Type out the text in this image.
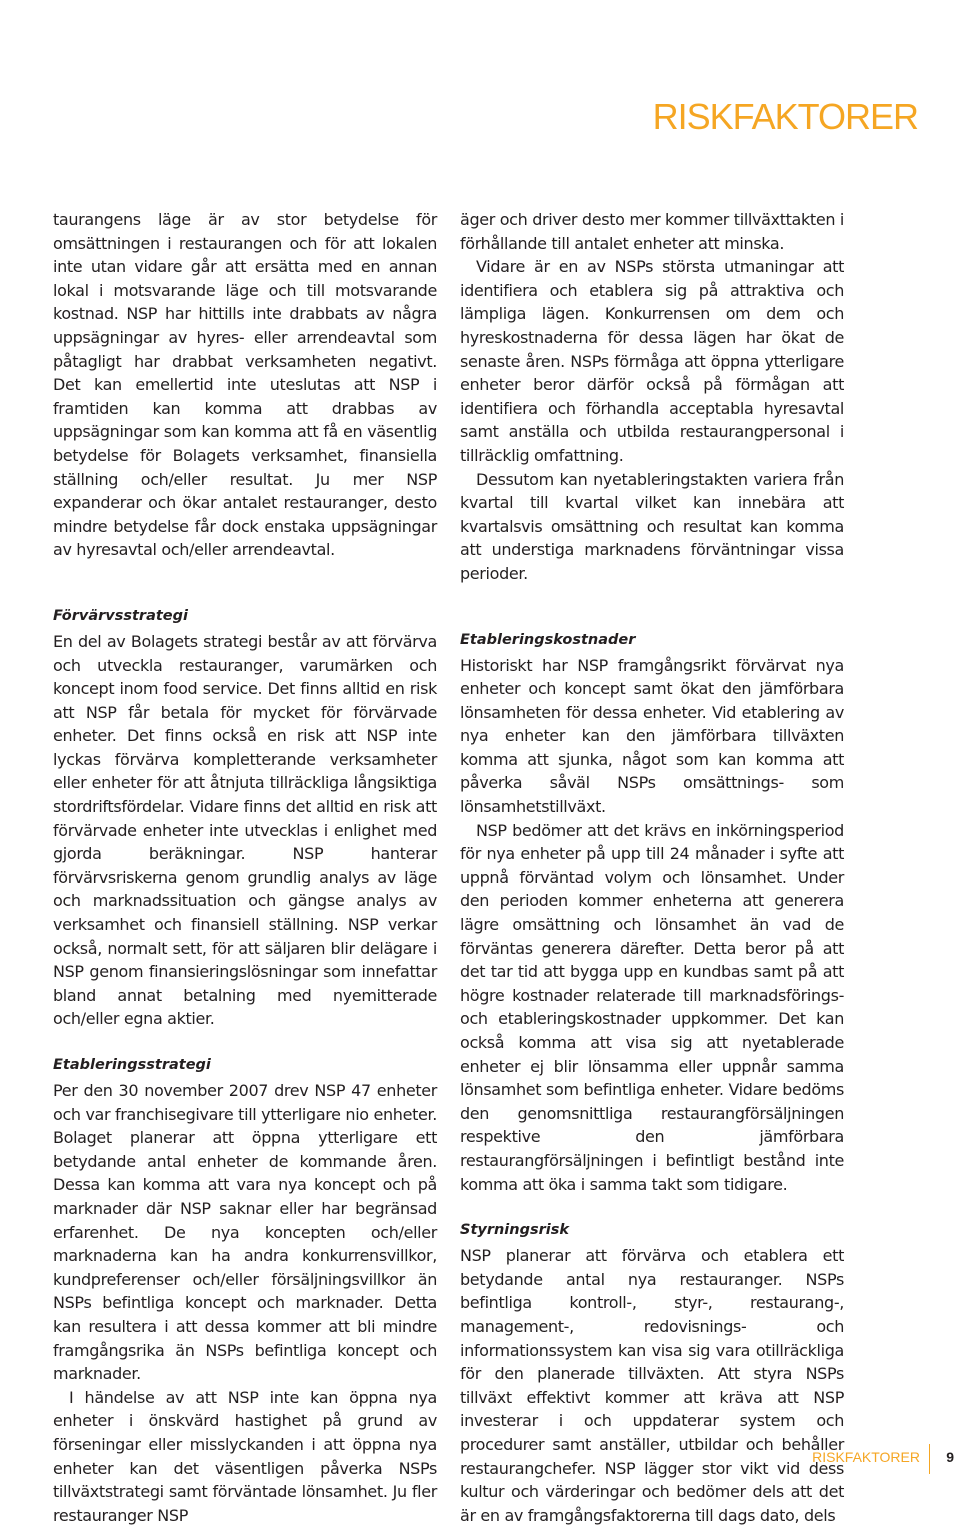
RISKFAKTORER

taurangens läge är av stor betydelse för omsättningen i restaurangen och för att lokalen inte utan vidare går att ersätta med en annan lokal i motsvarande läge och till motsvarande kostnad. NSP har hittills inte drabbats av några uppsägningar av hyres- eller arrendeavtal som påtagligt har drabbat verksamheten negativt. Det kan emellertid inte uteslutas att NSP i framtiden kan komma att drabbas av uppsägningar som kan komma att få en väsentlig betydelse för Bolagets verksamhet, finansiella ställning och/eller resultat. Ju mer NSP expanderar och ökar antalet restauranger, desto mindre betydelse får dock enstaka uppsägningar av hyresavtal och/eller arrendeavtal.

Förvärvsstrategi

En del av Bolagets strategi består av att förvärva och utveckla restauranger, varumärken och koncept inom food service. Det finns alltid en risk att NSP får betala för mycket för förvärvade enheter. Det finns också en risk att NSP inte lyckas förvärva kompletterande verksamheter eller enheter för att åtnjuta tillräckliga långsiktiga stordriftsfördelar. Vidare finns det alltid en risk att förvärvade enheter inte utvecklas i enlighet med gjorda beräkningar. NSP hanterar förvärvsriskerna genom grundlig analys av läge och marknadssituation och gängse analys av verksamhet och finansiell ställning. NSP verkar också, normalt sett, för att säljaren blir delägare i NSP genom finansieringslösningar som innefattar bland annat betalning med nyemitterade och/eller egna aktier.

Etableringsstrategi

Per den 30 november 2007 drev NSP 47 enheter och var franchisegivare till ytterligare nio enheter. Bolaget planerar att öppna ytterligare ett betydande antal enheter de kommande åren. Dessa kan komma att vara nya koncept och på marknader där NSP saknar eller har begränsad erfarenhet. De nya koncepten och/eller marknaderna kan ha andra konkurrensvillkor, kundpreferenser och/eller försäljningsvillkor än NSPs befintliga koncept och marknader. Detta kan resultera i att dessa kommer att bli mindre framgångsrika än NSPs befintliga koncept och marknader.

I händelse av att NSP inte kan öppna nya enheter i önskvärd hastighet på grund av förseningar eller misslyckanden i att öppna nya enheter kan det väsentligen påverka NSPs tillväxtstrategi samt förväntade lönsamhet. Ju fler restauranger NSP

äger och driver desto mer kommer tillväxttakten i förhållande till antalet enheter att minska.

Vidare är en av NSPs största utmaningar att identifiera och etablera sig på attraktiva och lämpliga lägen. Konkurrensen om dem och hyreskostnaderna för dessa lägen har ökat de senaste åren. NSPs förmåga att öppna ytterligare enheter beror därför också på förmågan att identifiera och förhandla acceptabla hyresavtal samt anställa och utbilda restaurangpersonal i tillräcklig omfattning.

Dessutom kan nyetableringstakten variera från kvartal till kvartal vilket kan innebära att kvartalsvis omsättning och resultat kan komma att understiga marknadens förväntningar vissa perioder.

Etableringskostnader

Historiskt har NSP framgångsrikt förvärvat nya enheter och koncept samt ökat den jämförbara lönsamheten för dessa enheter. Vid etablering av nya enheter kan den jämförbara tillväxten komma att sjunka, något som kan komma att påverka såväl NSPs omsättnings- som lönsamhetstillväxt.

NSP bedömer att det krävs en inkörningsperiod för nya enheter på upp till 24 månader i syfte att uppnå förväntad volym och lönsamhet. Under den perioden kommer enheterna att generera lägre omsättning och lönsamhet än vad de förväntas generera därefter. Detta beror på att det tar tid att bygga upp en kundbas samt på att högre kostnader relaterade till marknadsförings- och etableringskostnader uppkommer. Det kan också komma att visa sig att nyetablerade enheter ej blir lönsamma eller uppnår samma lönsamhet som befintliga enheter. Vidare bedöms den genomsnittliga restaurangförsäljningen respektive den jämförbara restaurangförsäljningen i befintligt bestånd inte komma att öka i samma takt som tidigare.

Styrningsrisk

NSP planerar att förvärva och etablera ett betydande antal nya restauranger. NSPs befintliga kontroll-, styr-, restaurang-, management-, redovisnings- och informationssystem kan visa sig vara otillräckliga för den planerade tillväxten. Att styra NSPs tillväxt effektivt kommer att kräva att NSP investerar i och uppdaterar system och procedurer samt anställer, utbildar och behåller restaurangchefer. NSP lägger stor vikt vid dess kultur och värderingar och bedömer dels att det är en av framgångsfaktorerna till dags dato, dels

RISKFAKTORER 9
